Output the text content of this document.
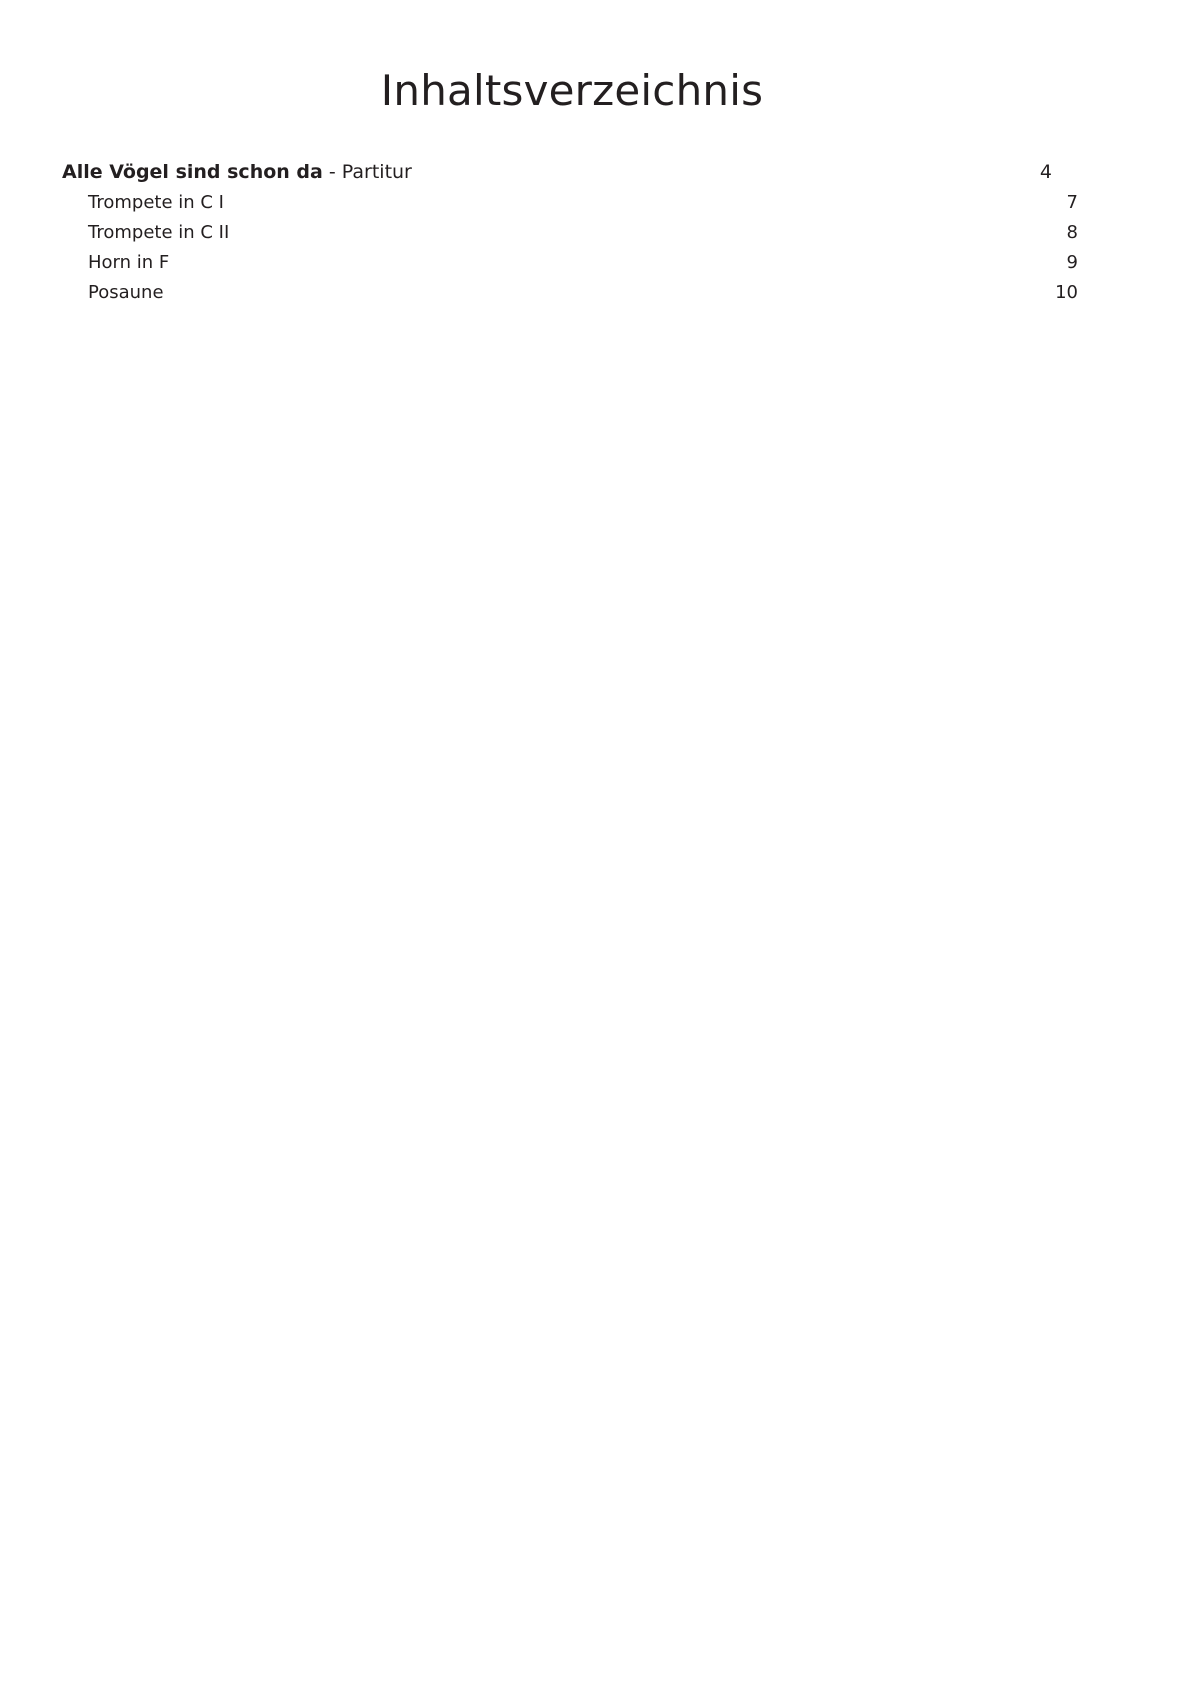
Inhaltsverzeichnis
Alle Vögel sind schon da - Partitur .....	4
Trompete in C I .....	7
Trompete in C II .....	8
Horn in F .....	9
Posaune .....	10
